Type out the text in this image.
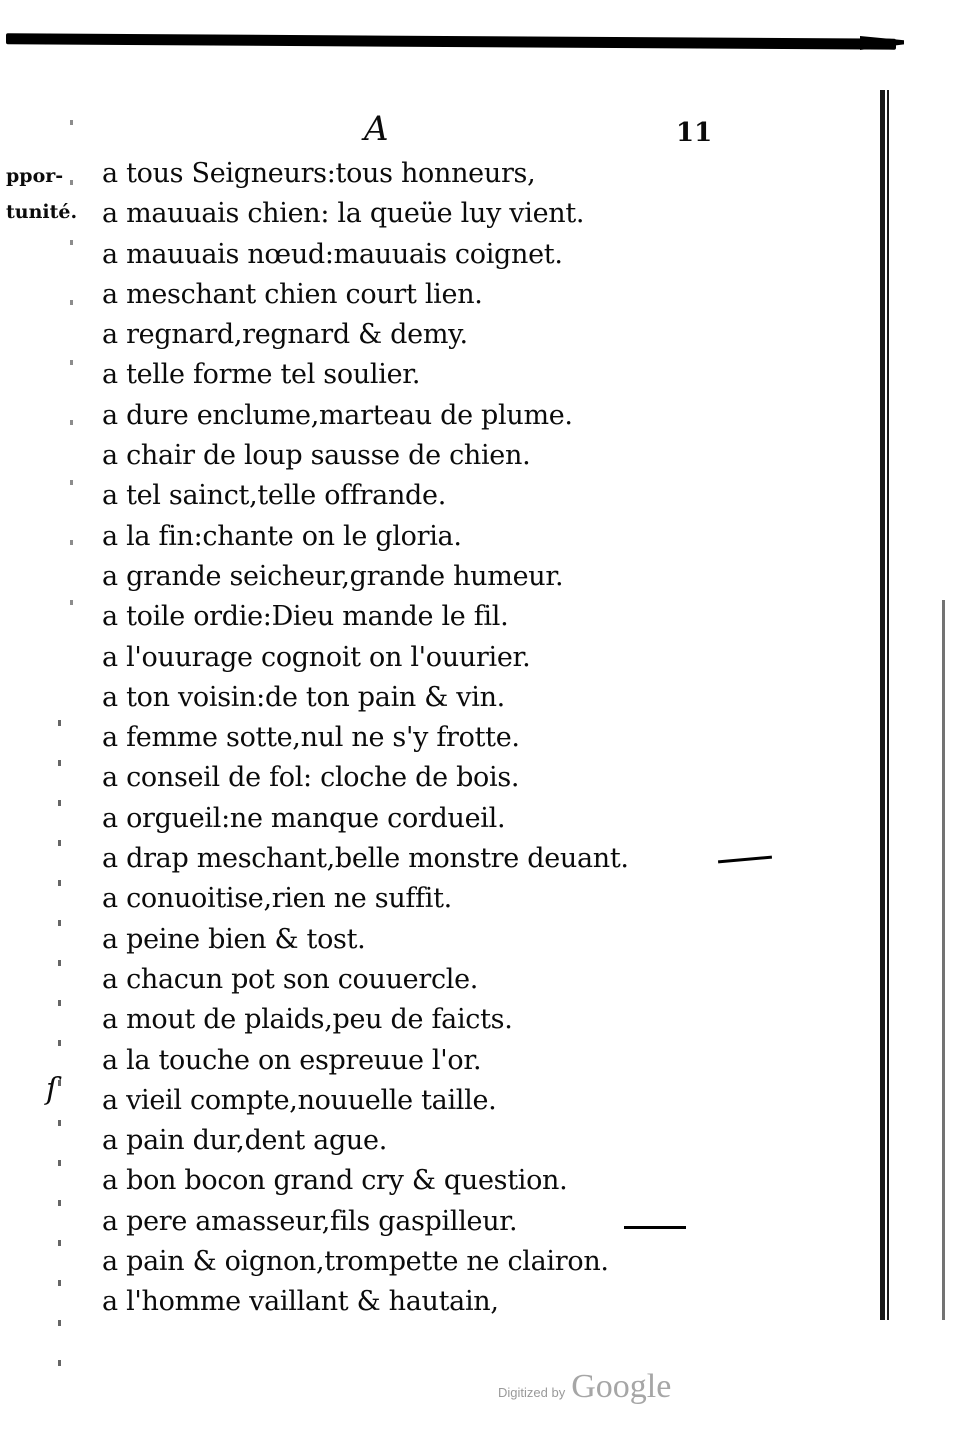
A	11
ppor-
tunité.
a tous Seigneurs:tous honneurs,
a mauuais chien: la queüe luy vient.
a mauuais nœud:mauuais coignet.
a meschant chien court lien.
a regnard,regnard & demy.
a telle forme tel soulier.
a dure enclume,marteau de plume.
a chair de loup sausse de chien.
a tel sainct,telle offrande.
a la fin:chante on le gloria.
a grande seicheur,grande humeur.
a toile ordie:Dieu mande le fil.
a l'ouurage cognoit on l'ouurier.
a ton voisin:de ton pain & vin.
a femme sotte,nul ne s'y frotte.
a conseil de fol: cloche de bois.
a orgueil:ne manque cordueil.
a drap meschant,belle monstre deuant.
a conuoitise,rien ne suffit.
a peine bien & tost.
a chacun pot son couuercle.
a mout de plaids,peu de faicts.
a la touche on espreuue l'or.
a vieil compte,nouuelle taille.
a pain dur,dent ague.
a bon bocon grand cry & question.
a pere amasseur,fils gaspilleur.
a pain & oignon,trompette ne clairon.
a l'homme vaillant & hautain,
ſ
Digitized by Google
